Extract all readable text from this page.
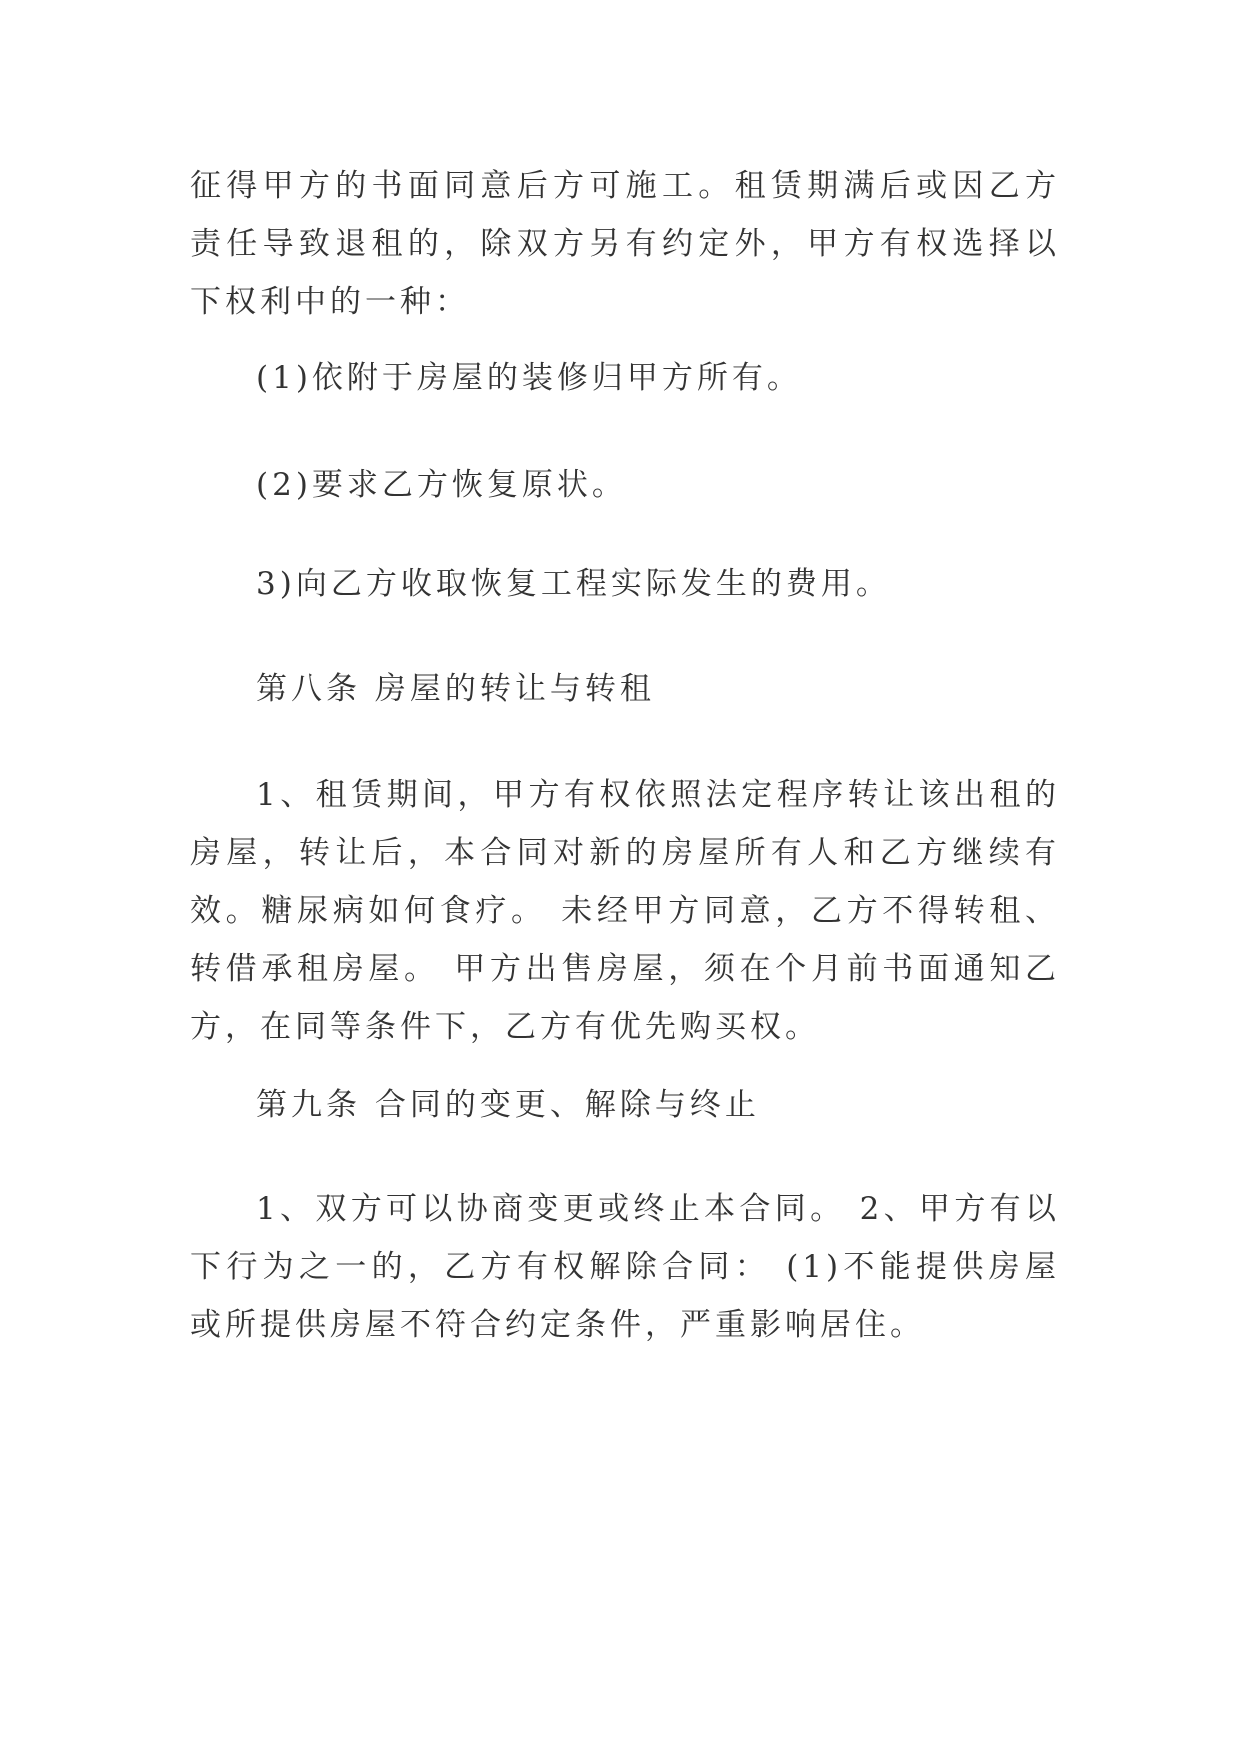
征得甲方的书面同意后方可施工。租赁期满后或因乙方责任导致退租的，除双方另有约定外，甲方有权选择以下权利中的一种：

(1)依附于房屋的装修归甲方所有。

(2)要求乙方恢复原状。

3)向乙方收取恢复工程实际发生的费用。

第八条 房屋的转让与转租

1、租赁期间，甲方有权依照法定程序转让该出租的房屋，转让后，本合同对新的房屋所有人和乙方继续有效。糖尿病如何食疗。 未经甲方同意，乙方不得转租、转借承租房屋。 甲方出售房屋，须在个月前书面通知乙方，在同等条件下，乙方有优先购买权。

第九条 合同的变更、解除与终止

1、双方可以协商变更或终止本合同。 2、甲方有以下行为之一的，乙方有权解除合同： (1)不能提供房屋或所提供房屋不符合约定条件，严重影响居住。
